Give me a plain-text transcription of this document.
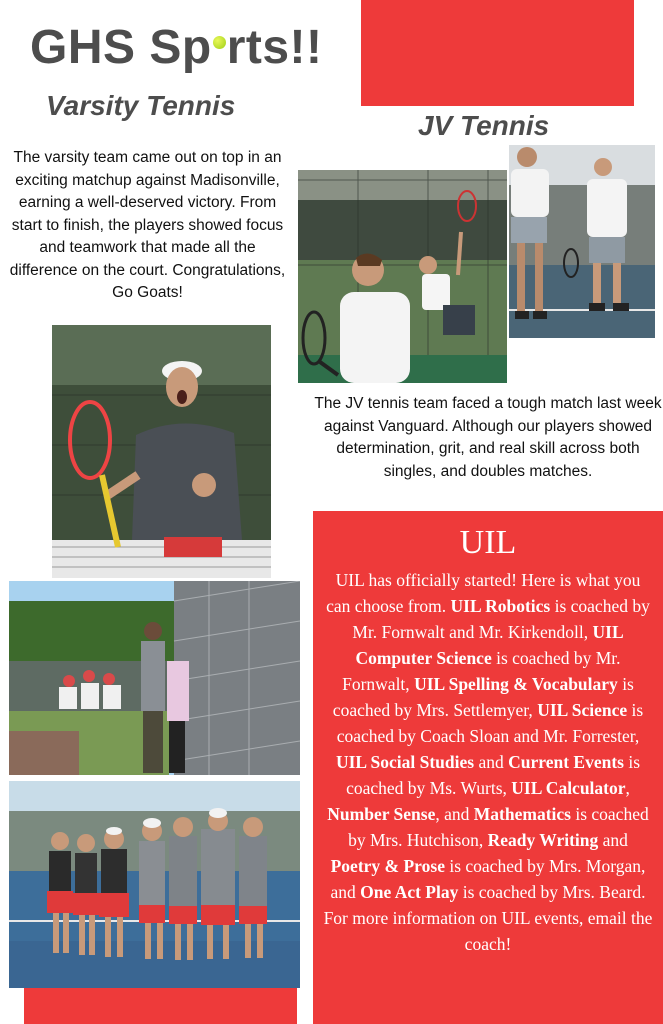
GHS Sp rts!!
Varsity Tennis
JV Tennis
The varsity team came out on top in an exciting matchup against Madisonville, earning a well-deserved victory. From start to finish, the players showed focus and teamwork that made all the difference on the court. Congratulations, Go Goats!
The JV tennis team faced a tough match last week against Vanguard. Although our players showed determination, grit, and real skill across both singles, and doubles matches.
UIL
UIL has officially started! Here is what you can choose from. UIL Robotics is coached by Mr. Fornwalt and Mr. Kirkendoll, UIL Computer Science is coached by Mr. Fornwalt, UIL Spelling & Vocabulary is coached by Mrs. Settlemyer, UIL Science is coached by Coach Sloan and Mr. Forrester, UIL Social Studies and Current Events is coached by Ms. Wurts, UIL Calculator, Number Sense, and Mathematics is coached by Mrs. Hutchison, Ready Writing and Poetry & Prose is coached by Mrs. Morgan, and One Act Play is coached by Mrs. Beard. For more information on UIL events, email the coach!
